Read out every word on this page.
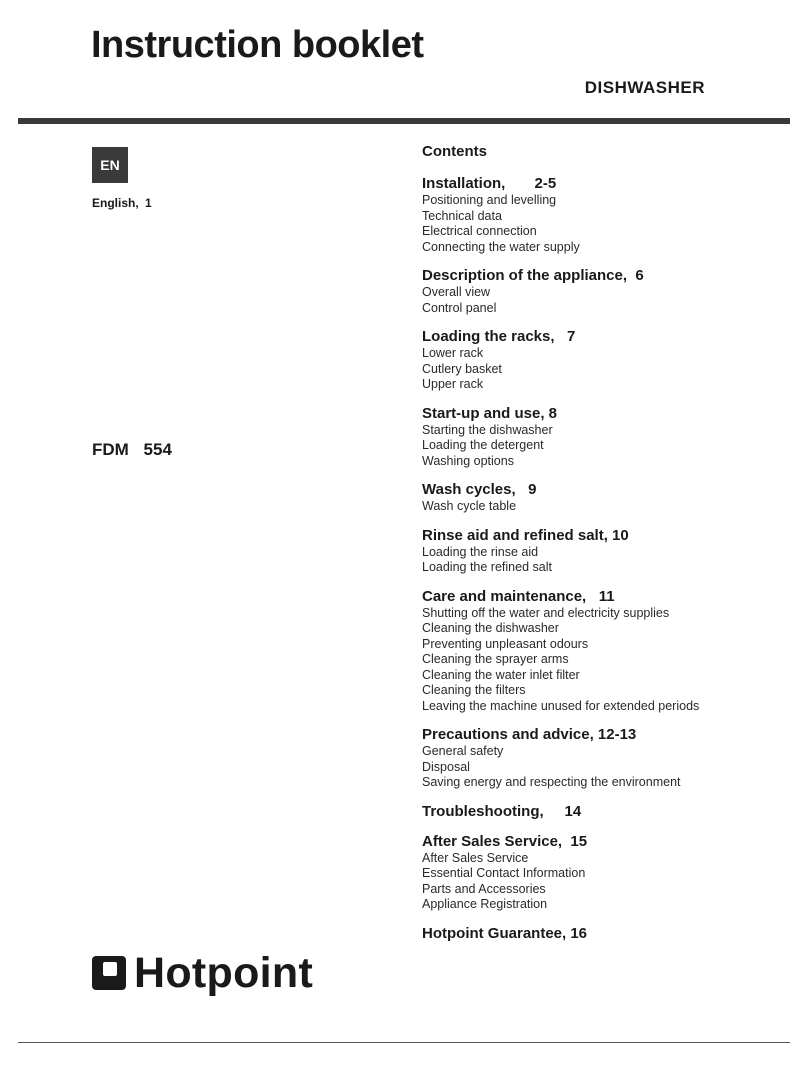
Instruction booklet
DISHWASHER
EN
English, 1
FDM 554
Hotpoint
Contents
Installation,       2-5
Positioning and levelling
Technical data
Electrical connection
Connecting the water supply
Description of the appliance,  6
Overall view
Control panel
Loading the racks,   7
Lower rack
Cutlery basket
Upper rack
Start-up and use, 8
Starting the dishwasher
Loading the detergent
Washing options
Wash cycles,   9
Wash cycle table
Rinse aid and refined salt, 10
Loading the rinse aid
Loading the refined salt
Care and maintenance,   11
Shutting off the water and electricity supplies
Cleaning the dishwasher
Preventing unpleasant odours
Cleaning the sprayer arms
Cleaning the water inlet filter
Cleaning the filters
Leaving the machine unused for extended periods
Precautions and advice, 12-13
General safety
Disposal
Saving energy and respecting the environment
Troubleshooting,     14
After Sales Service,  15
After Sales Service
Essential Contact Information
Parts and Accessories
Appliance Registration
Hotpoint Guarantee, 16
